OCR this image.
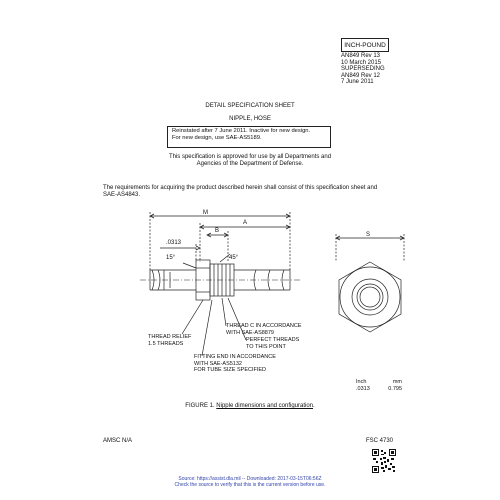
INCH-POUND
AN849 Rev 13
10 March 2015
SUPERSEDING
AN849 Rev 12
7 June 2011
DETAIL SPECIFICATION SHEET
NIPPLE, HOSE
Reinstated after 7 June 2011. Inactive for new design.
For new design, use SAE-AS5189.
This specification is approved for use by all Departments and
Agencies of the Department of Defense.
The requirements for acquiring the product described herein shall consist of this specification sheet and
SAE-AS4843.
M
A
B
.0313
15°	45°
S
THREAD C IN ACCORDANCE
WITH SAE-AS8879
THREAD RELIEF
1.5 THREADS
PERFECT THREADS
TO THIS POINT
FITTING END IN ACCORDANCE
WITH SAE-AS5132
FOR TUBE SIZE SPECIFIED
Inch	mm
.0313	0.795
FIGURE 1. Nipple dimensions and configuration.
AMSC N/A	FSC 4730
Source: https://assist.dla.mil -- Downloaded: 2017-03-15T06:56Z
Check the source to verify that this is the current version before use.
